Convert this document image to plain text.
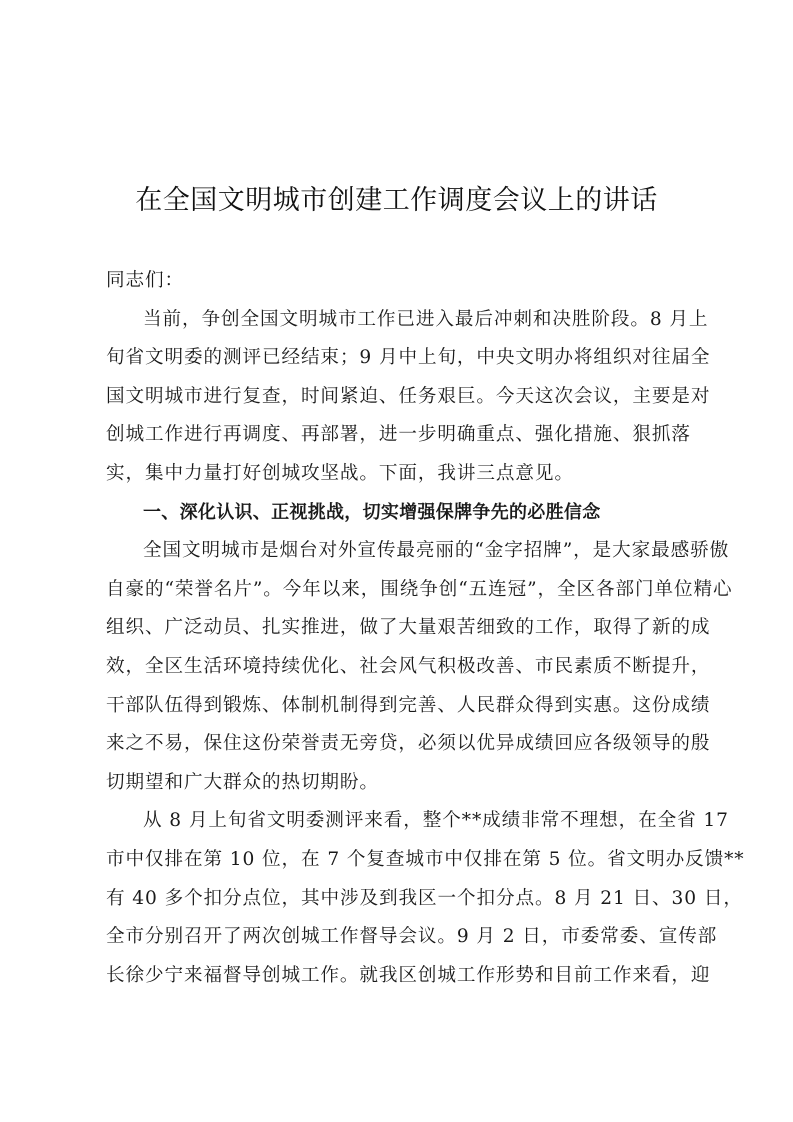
在全国文明城市创建工作调度会议上的讲话
同志们：
当前，争创全国文明城市工作已进入最后冲刺和决胜阶段。8 月上
旬省文明委的测评已经结束；9 月中上旬，中央文明办将组织对往届全
国文明城市进行复查，时间紧迫、任务艰巨。今天这次会议，主要是对
创城工作进行再调度、再部署，进一步明确重点、强化措施、狠抓落
实，集中力量打好创城攻坚战。下面，我讲三点意见。
一、深化认识、正视挑战，切实增强保牌争先的必胜信念
全国文明城市是烟台对外宣传最亮丽的“金字招牌”，是大家最感骄傲
自豪的“荣誉名片”。今年以来，围绕争创“五连冠”，全区各部门单位精心
组织、广泛动员、扎实推进，做了大量艰苦细致的工作，取得了新的成
效，全区生活环境持续优化、社会风气积极改善、市民素质不断提升，
干部队伍得到锻炼、体制机制得到完善、人民群众得到实惠。这份成绩
来之不易，保住这份荣誉责无旁贷，必须以优异成绩回应各级领导的殷
切期望和广大群众的热切期盼。
从 8 月上旬省文明委测评来看，整个**成绩非常不理想，在全省 17
市中仅排在第 10 位，在 7 个复查城市中仅排在第 5 位。省文明办反馈**
有 40 多个扣分点位，其中涉及到我区一个扣分点。8 月 21 日、30 日，
全市分别召开了两次创城工作督导会议。9 月 2 日，市委常委、宣传部
长徐少宁来福督导创城工作。就我区创城工作形势和目前工作来看，迎
